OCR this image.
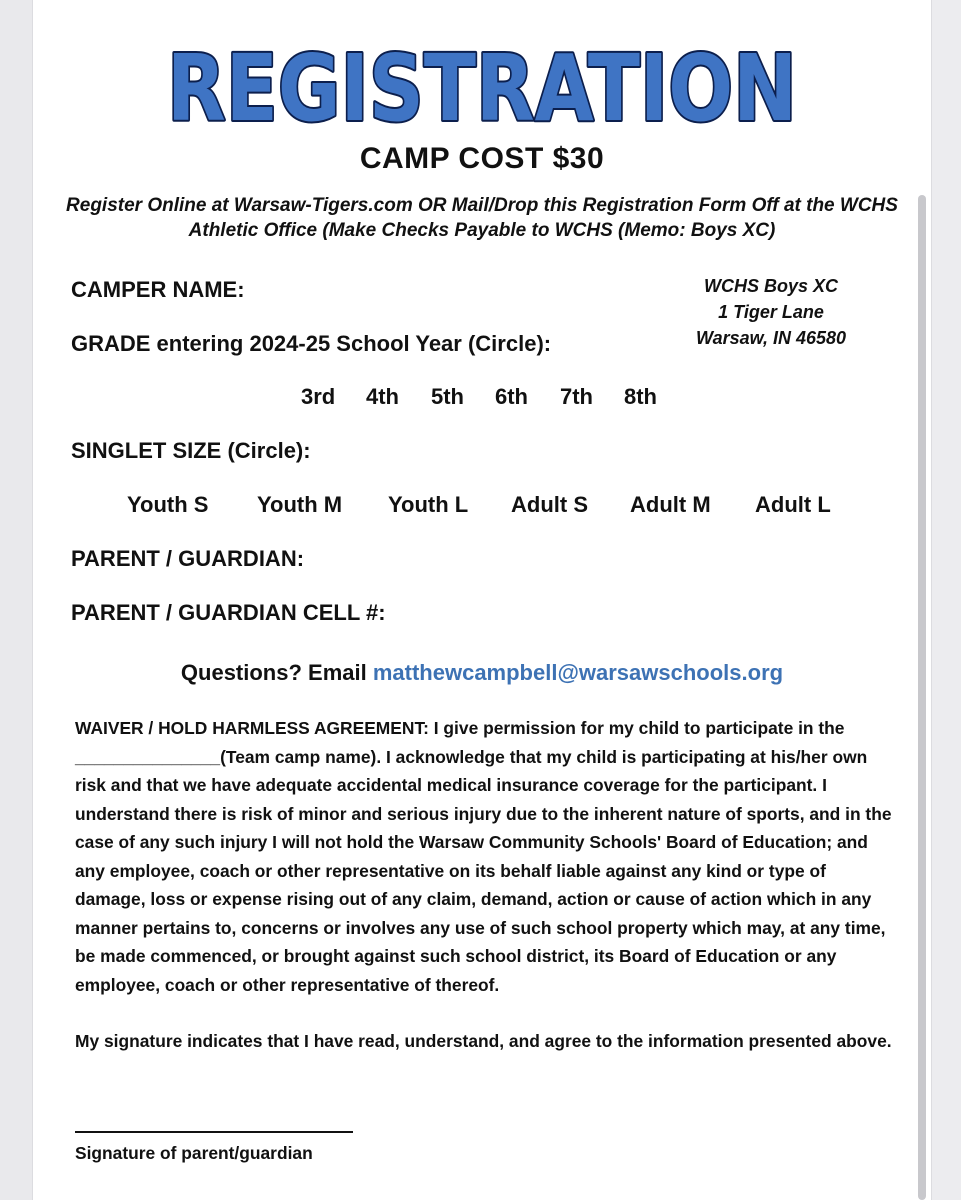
REGISTRATION
CAMP COST $30
Register Online at Warsaw-Tigers.com OR Mail/Drop this Registration Form Off at the WCHS Athletic Office (Make Checks Payable to WCHS (Memo: Boys XC)
CAMPER NAME:	WCHS Boys XC
1 Tiger Lane
Warsaw, IN 46580
GRADE entering 2024-25 School Year (Circle):
3rd 4th 5th 6th 7th 8th
SINGLET SIZE (Circle):
Youth S Youth M Youth L Adult S Adult M Adult L
PARENT / GUARDIAN:
PARENT / GUARDIAN CELL #:
Questions? Email matthewcampbell@warsawschools.org
WAIVER / HOLD HARMLESS AGREEMENT: I give permission for my child to participate in the _______________(Team camp name). I acknowledge that my child is participating at his/her own risk and that we have adequate accidental medical insurance coverage for the participant. I understand there is risk of minor and serious injury due to the inherent nature of sports, and in the case of any such injury I will not hold the Warsaw Community Schools' Board of Education; and any employee, coach or other representative on its behalf liable against any kind or type of damage, loss or expense rising out of any claim, demand, action or cause of action which in any manner pertains to, concerns or involves any use of such school property which may, at any time, be made commenced, or brought against such school district, its Board of Education or any employee, coach or other representative of thereof.
My signature indicates that I have read, understand, and agree to the information presented above.
Signature of parent/guardian
